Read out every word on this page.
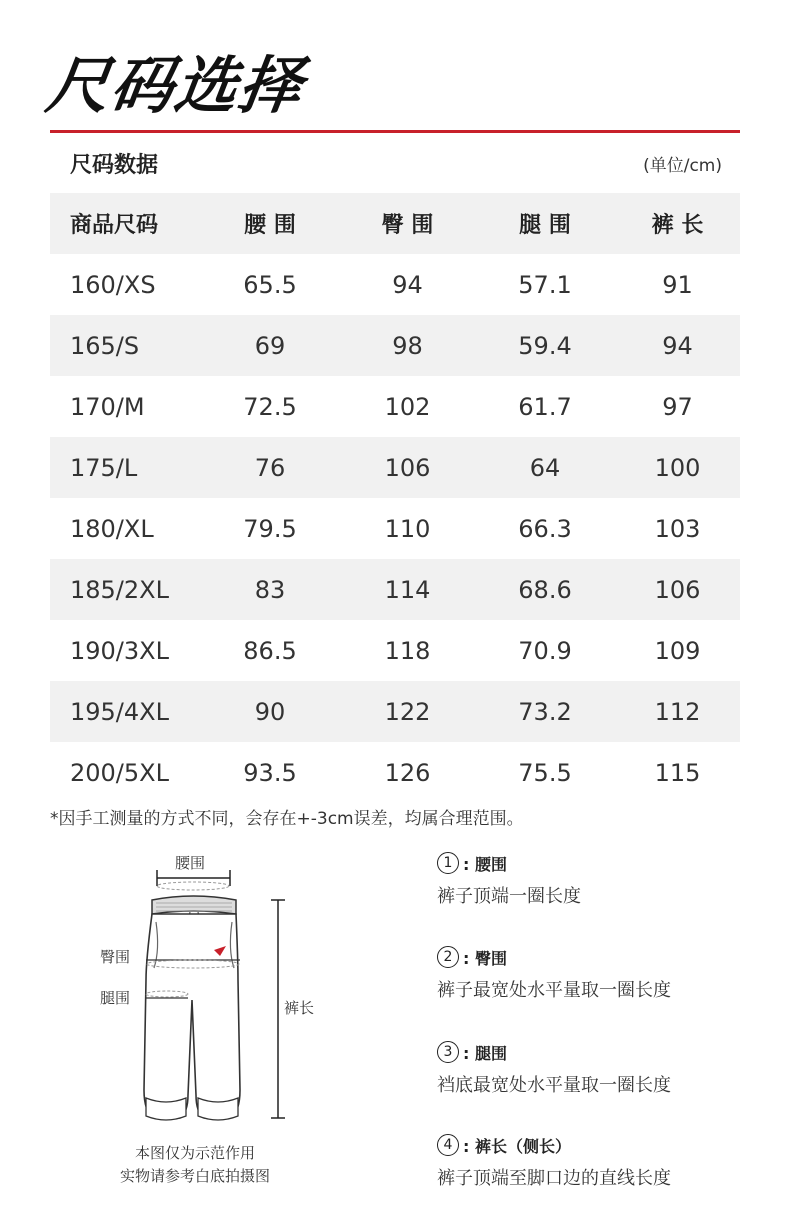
尺码选择
尺码数据	(单位/cm)
商品尺码	腰 围	臀 围	腿 围	裤 长
160/XS	65.5	94	57.1	91
165/S	69	98	59.4	94
170/M	72.5	102	61.7	97
175/L	76	106	64	100
180/XL	79.5	110	66.3	103
185/2XL	83	114	68.6	106
190/3XL	86.5	118	70.9	109
195/4XL	90	122	73.2	112
200/5XL	93.5	126	75.5	115
*因手工测量的方式不同，会存在+-3cm误差，均属合理范围。
腰围
臀围
腿围
裤长
本图仅为示范作用
实物请参考白底拍摄图
1 : 腰围
裤子顶端一圈长度
2 : 臀围
裤子最宽处水平量取一圈长度
3 : 腿围
裆底最宽处水平量取一圈长度
4 : 裤长（侧长）
裤子顶端至脚口边的直线长度
